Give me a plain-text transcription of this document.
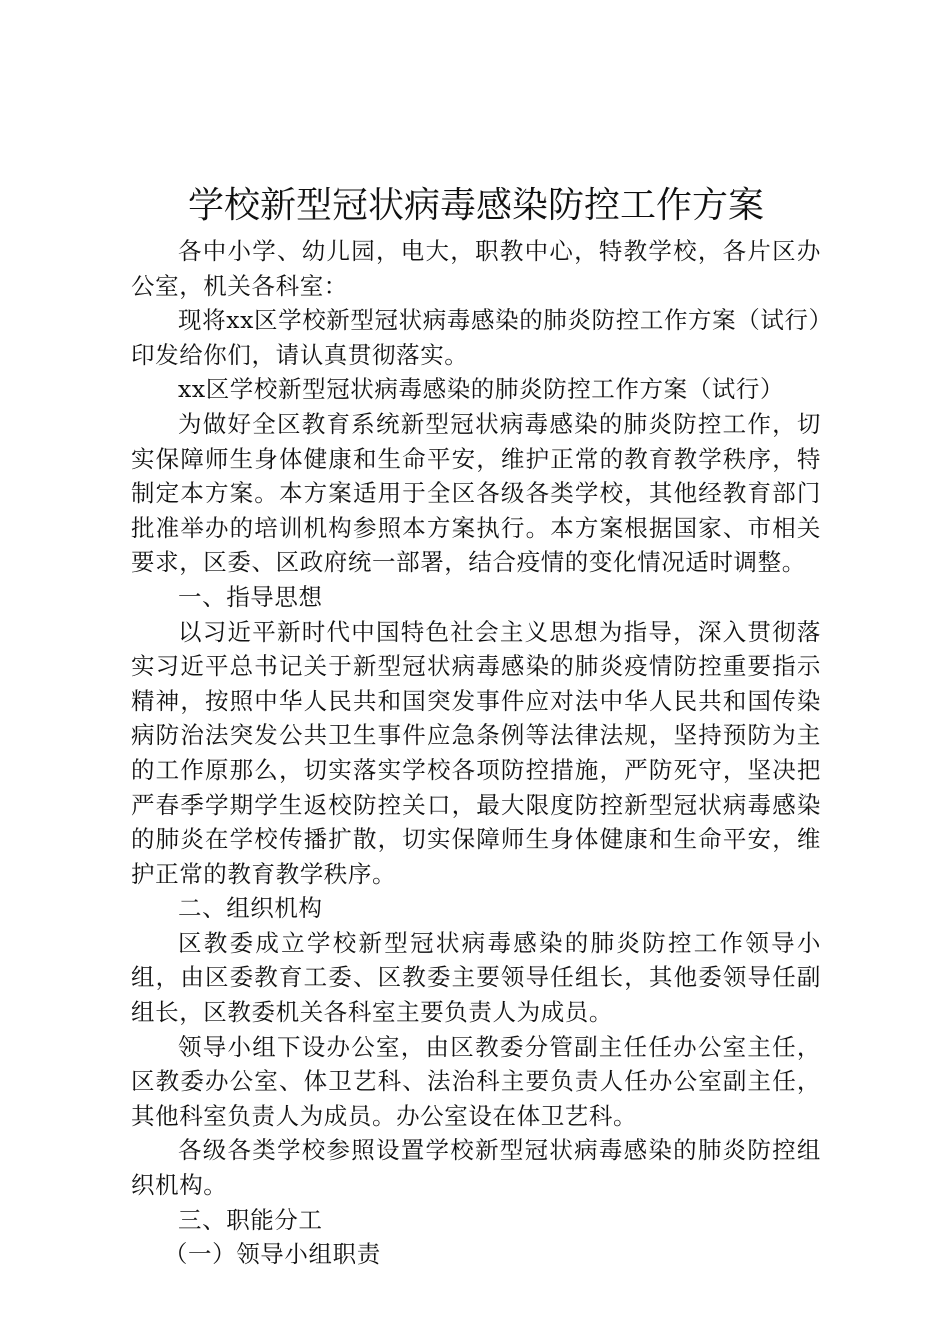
学校新型冠状病毒感染防控工作方案

各中小学、幼儿园，电大，职教中心，特教学校，各片区办公室，机关各科室：

现将xx区学校新型冠状病毒感染的肺炎防控工作方案（试行）印发给你们，请认真贯彻落实。

xx区学校新型冠状病毒感染的肺炎防控工作方案（试行）

为做好全区教育系统新型冠状病毒感染的肺炎防控工作，切实保障师生身体健康和生命平安，维护正常的教育教学秩序，特制定本方案。本方案适用于全区各级各类学校，其他经教育部门批准举办的培训机构参照本方案执行。本方案根据国家、市相关要求，区委、区政府统一部署，结合疫情的变化情况适时调整。

一、指导思想

以习近平新时代中国特色社会主义思想为指导，深入贯彻落实习近平总书记关于新型冠状病毒感染的肺炎疫情防控重要指示精神，按照中华人民共和国突发事件应对法中华人民共和国传染病防治法突发公共卫生事件应急条例等法律法规，坚持预防为主的工作原那么，切实落实学校各项防控措施，严防死守，坚决把严春季学期学生返校防控关口，最大限度防控新型冠状病毒感染的肺炎在学校传播扩散，切实保障师生身体健康和生命平安，维护正常的教育教学秩序。

二、组织机构

区教委成立学校新型冠状病毒感染的肺炎防控工作领导小组，由区委教育工委、区教委主要领导任组长，其他委领导任副组长，区教委机关各科室主要负责人为成员。

领导小组下设办公室，由区教委分管副主任任办公室主任，区教委办公室、体卫艺科、法治科主要负责人任办公室副主任，其他科室负责人为成员。办公室设在体卫艺科。

各级各类学校参照设置学校新型冠状病毒感染的肺炎防控组织机构。

三、职能分工

（一）领导小组职责
